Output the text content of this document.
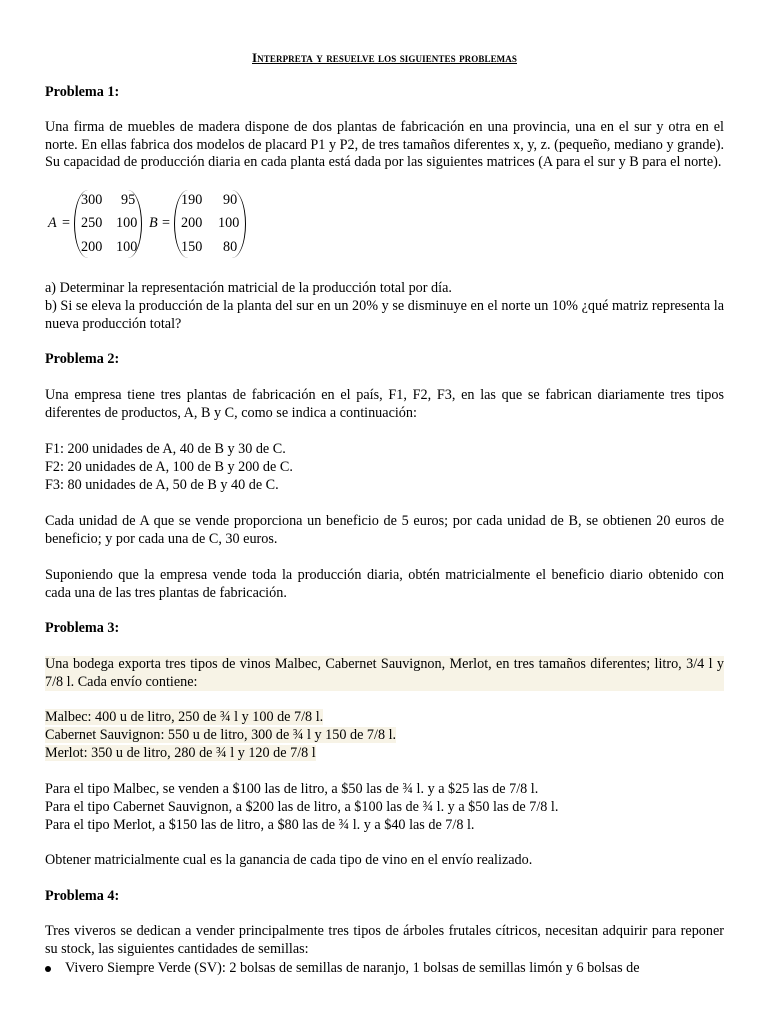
Interpreta y resuelve los siguientes problemas
Problema 1:
Una firma de muebles de madera dispone de dos plantas de fabricación en una provincia, una en el sur y otra en el norte. En ellas fabrica dos modelos de placard P1 y P2, de tres tamaños diferentes x, y, z. (pequeño, mediano y grande). Su capacidad de producción diaria en cada planta está dada por las siguientes matrices (A para el sur y B para el norte).
A =
300 95
250 100
200 100
B =
190 90
200 100
150 80
a) Determinar la representación matricial de la producción total por día.
b) Si se eleva la producción de la planta del sur en un 20% y se disminuye en el norte un 10% ¿qué matriz representa la nueva producción total?
Problema 2:
Una empresa tiene tres plantas de fabricación en el país, F1, F2, F3, en las que se fabrican diariamente tres tipos diferentes de productos, A, B y C, como se indica a continuación:
F1: 200 unidades de A, 40 de B y 30 de C.
F2: 20 unidades de A, 100 de B y 200 de C.
F3: 80 unidades de A, 50 de B y 40 de C.
Cada unidad de A que se vende proporciona un beneficio de 5 euros; por cada unidad de B, se obtienen 20 euros de beneficio; y por cada una de C, 30 euros.
Suponiendo que la empresa vende toda la producción diaria, obtén matricialmente el beneficio diario obtenido con cada una de las tres plantas de fabricación.
Problema 3:
Una bodega exporta tres tipos de vinos Malbec, Cabernet Sauvignon, Merlot, en tres tamaños diferentes; litro, 3/4 l y 7/8 l. Cada envío contiene:
Malbec: 400 u de litro, 250 de ¾ l y 100 de 7/8 l.
Cabernet Sauvignon: 550 u de litro, 300 de ¾ l y 150 de 7/8 l.
Merlot: 350 u de litro, 280 de ¾ l y 120 de 7/8 l
Para el tipo Malbec, se venden a $100 las de litro, a $50 las de ¾ l. y a $25 las de 7/8 l.
Para el tipo Cabernet Sauvignon, a $200 las de litro, a $100 las de ¾ l. y a $50 las de 7/8 l.
Para el tipo Merlot, a $150 las de litro, a $80 las de ¾ l. y a $40 las de 7/8 l.
Obtener matricialmente cual es la ganancia de cada tipo de vino en el envío realizado.
Problema 4:
Tres viveros se dedican a vender principalmente tres tipos de árboles frutales cítricos, necesitan adquirir para reponer su stock, las siguientes cantidades de semillas:
Vivero Siempre Verde (SV): 2 bolsas de semillas de naranjo, 1 bolsas de semillas limón y 6 bolsas de
